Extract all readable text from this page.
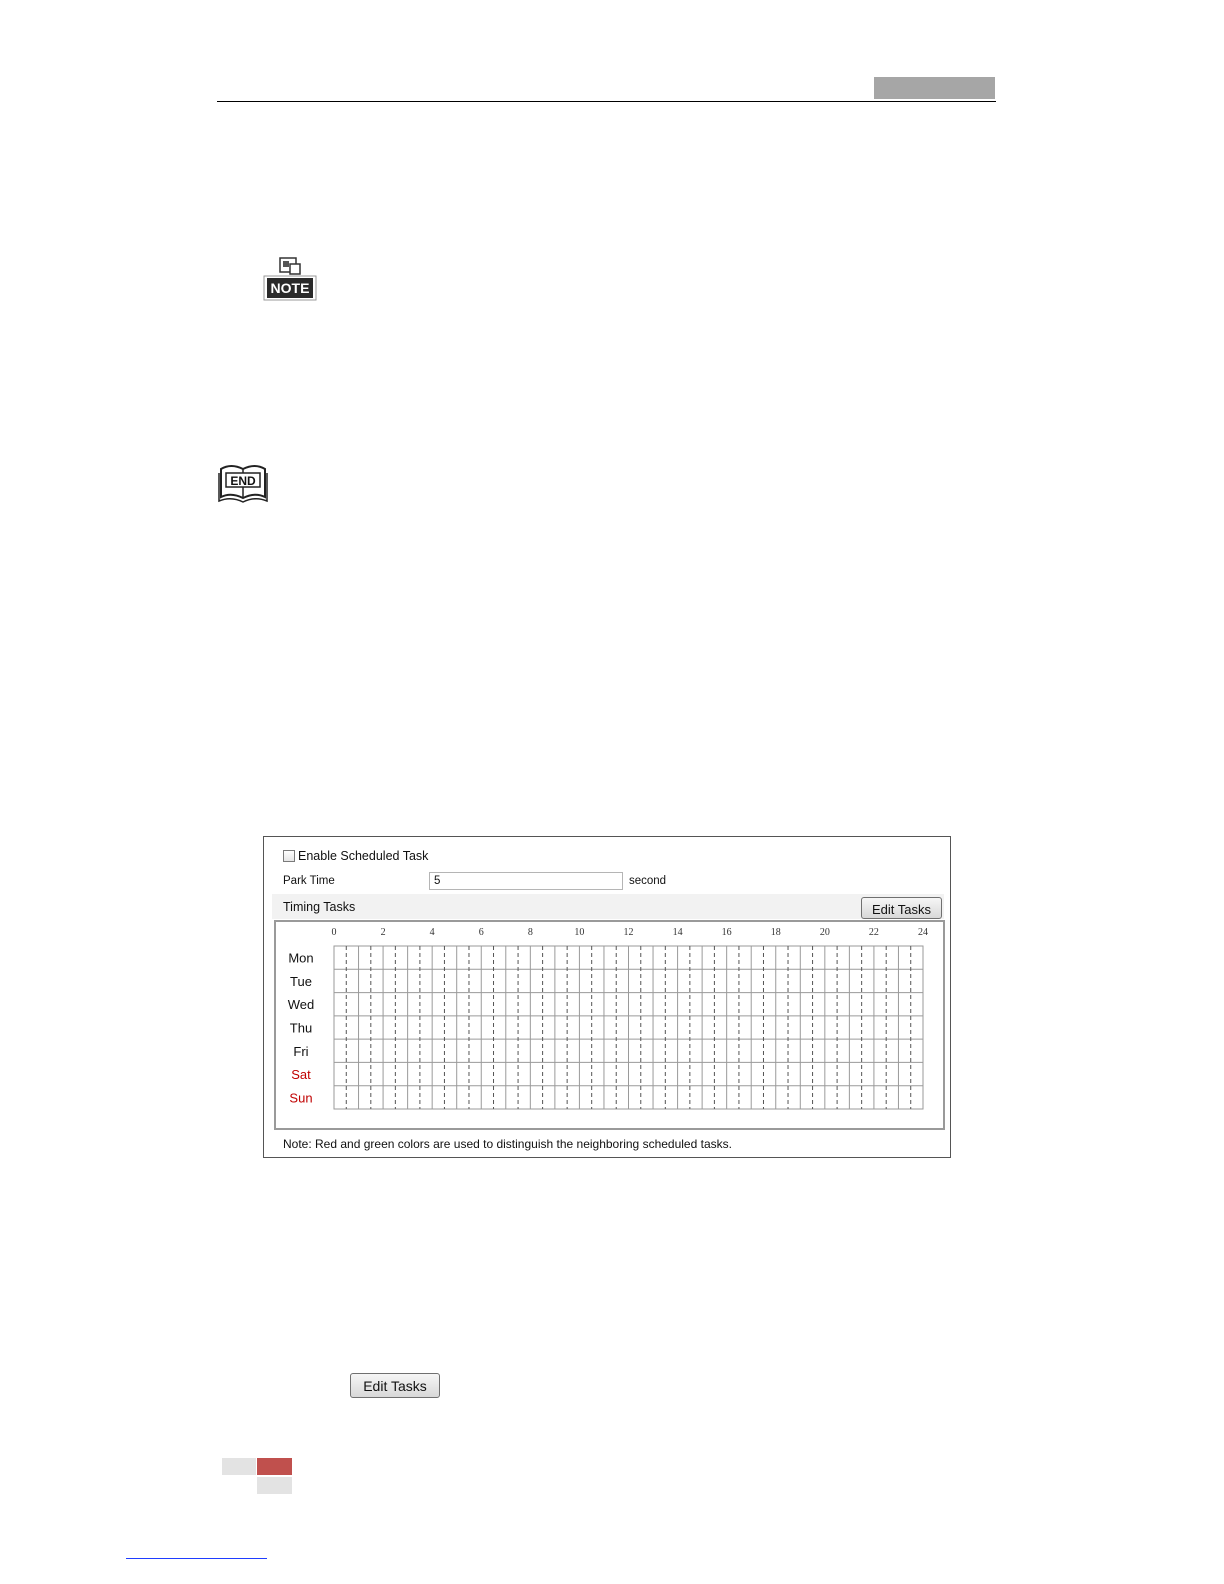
NOTE
END
Enable Scheduled Task
Park Time	5	second
Timing Tasks	Edit Tasks
0	2	4	6	8	10	12	14	16	18	20	22	24
Mon
Tue
Wed
Thu
Fri
Sat
Sun
Note: Red and green colors are used to distinguish the neighboring scheduled tasks.
Edit Tasks
